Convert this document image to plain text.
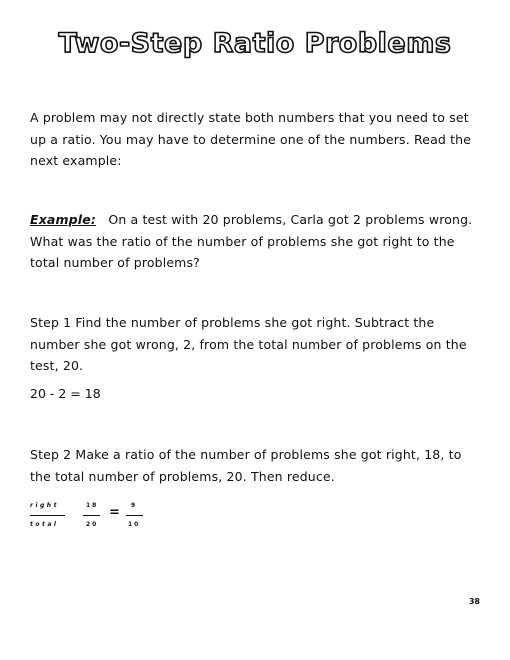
Two-Step Ratio Problems
A problem may not directly state both numbers that you need to set up a ratio. You may have to determine one of the numbers. Read the next example:
Example: On a test with 20 problems, Carla got 2 problems wrong. What was the ratio of the number of problems she got right to the total number of problems?
Step 1 Find the number of problems she got right. Subtract the number she got wrong, 2, from the total number of problems on the test, 20.
20 - 2 = 18
Step 2 Make a ratio of the number of problems she got right, 18, to the total number of problems, 20. Then reduce.
right
total
18
20
= 9
10
38
